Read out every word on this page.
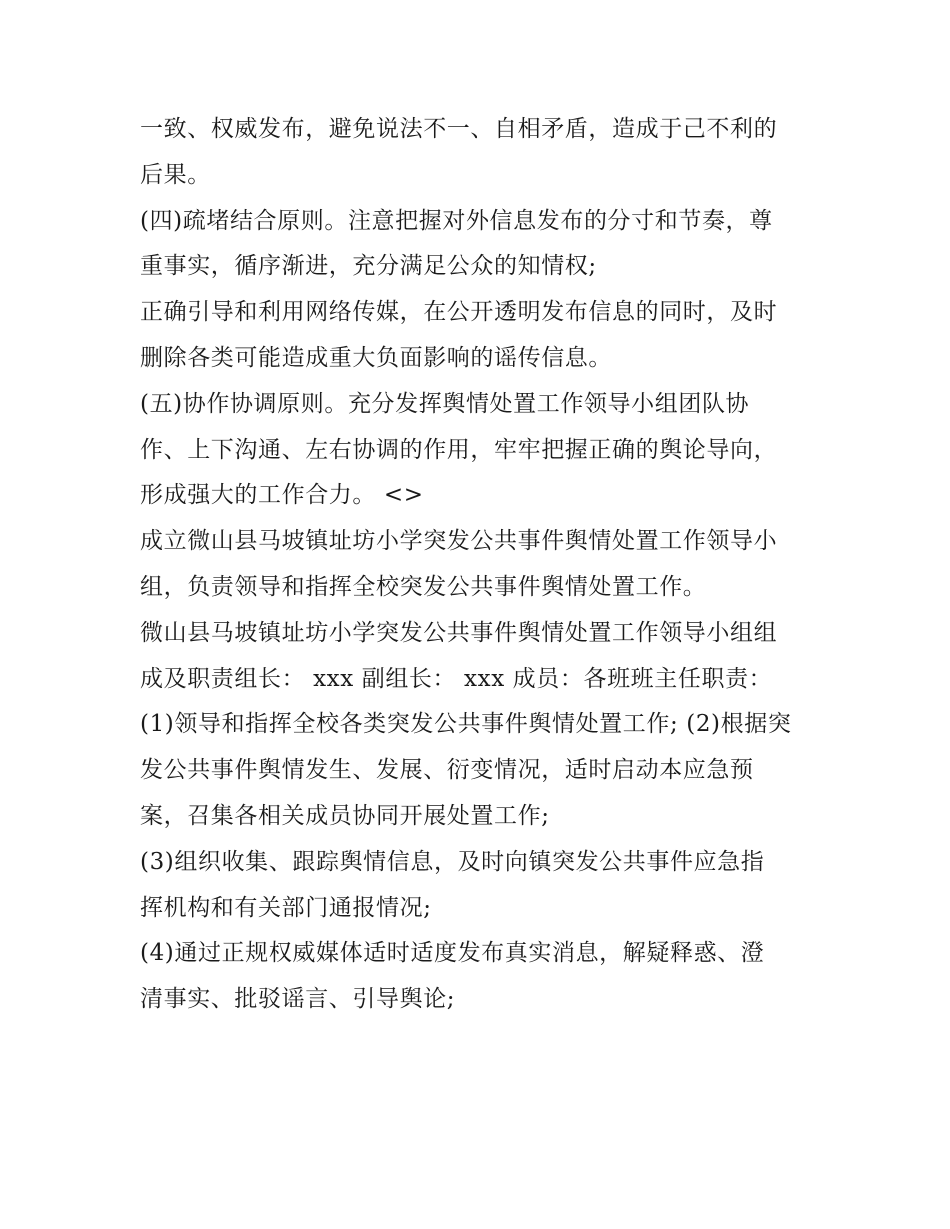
一致、权威发布，避免说法不一、自相矛盾，造成于己不利的
后果。
(四)疏堵结合原则。注意把握对外信息发布的分寸和节奏，尊
重事实，循序渐进，充分满足公众的知情权;
正确引导和利用网络传媒，在公开透明发布信息的同时，及时
删除各类可能造成重大负面影响的谣传信息。
(五)协作协调原则。充分发挥舆情处置工作领导小组团队协
作、上下沟通、左右协调的作用，牢牢把握正确的舆论导向，
形成强大的工作合力。 <>
成立微山县马坡镇址坊小学突发公共事件舆情处置工作领导小
组，负责领导和指挥全校突发公共事件舆情处置工作。
微山县马坡镇址坊小学突发公共事件舆情处置工作领导小组组
成及职责组长： xxx 副组长： xxx 成员：各班班主任职责：
(1)领导和指挥全校各类突发公共事件舆情处置工作; (2)根据突
发公共事件舆情发生、发展、衍变情况，适时启动本应急预
案，召集各相关成员协同开展处置工作;
(3)组织收集、跟踪舆情信息，及时向镇突发公共事件应急指
挥机构和有关部门通报情况;
(4)通过正规权威媒体适时适度发布真实消息，解疑释惑、澄
清事实、批驳谣言、引导舆论;
